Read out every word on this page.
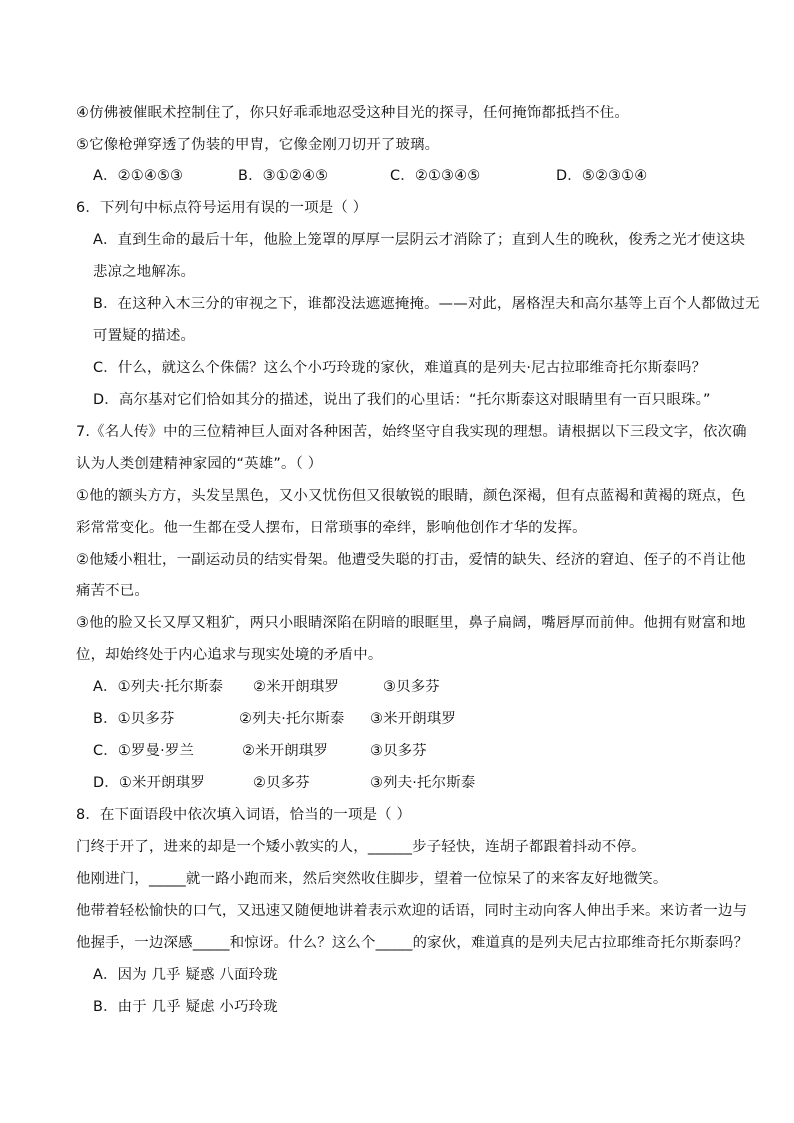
④仿佛被催眠术控制住了，你只好乖乖地忍受这种目光的探寻，任何掩饰都抵挡不住。
⑤它像枪弹穿透了伪装的甲胄，它像金刚刀切开了玻璃。
A．②①④⑤③	B．③①②④⑤	C．②①③④⑤	D．⑤②③①④
6．下列句中标点符号运用有误的一项是（ ）
A．直到生命的最后十年，他脸上笼罩的厚厚一层阴云才消除了；直到人生的晚秋，俊秀之光才使这块
悲凉之地解冻。
B．在这种入木三分的审视之下，谁都没法遮遮掩掩。——对此，屠格涅夫和高尔基等上百个人都做过无
可置疑的描述。
C．什么，就这么个侏儒？这么个小巧玲珑的家伙，难道真的是列夫·尼古拉耶维奇托尔斯泰吗？
D．高尔基对它们恰如其分的描述，说出了我们的心里话：“托尔斯泰这对眼睛里有一百只眼珠。”
7.《名人传》中的三位精神巨人面对各种困苦，始终坚守自我实现的理想。请根据以下三段文字，依次确
认为人类创建精神家园的“英雄”。（ ）
①他的额头方方，头发呈黑色，又小又忧伤但又很敏锐的眼睛，颜色深褐，但有点蓝褐和黄褐的斑点，色
彩常常变化。他一生都在受人摆布，日常琐事的牵绊，影响他创作才华的发挥。
②他矮小粗壮，一副运动员的结实骨架。他遭受失聪的打击，爱情的缺失、经济的窘迫、侄子的不肖让他
痛苦不已。
③他的脸又长又厚又粗犷，两只小眼睛深陷在阴暗的眼眶里，鼻子扁阔，嘴唇厚而前伸。他拥有财富和地
位，却始终处于内心追求与现实处境的矛盾中。
A．①列夫·托尔斯泰 ②米开朗琪罗	③贝多芬
B．①贝多芬	②列夫·托尔斯泰 ③米开朗琪罗
C．①罗曼·罗兰	②米开朗琪罗	③贝多芬
D．①米开朗琪罗	②贝多芬	③列夫·托尔斯泰
8．在下面语段中依次填入词语，恰当的一项是（ ）
门终于开了，进来的却是一个矮小敦实的人，______步子轻快，连胡子都跟着抖动不停。
他刚进门，_____就一路小跑而来，然后突然收住脚步，望着一位惊呆了的来客友好地微笑。
他带着轻松愉快的口气，又迅速又随便地讲着表示欢迎的话语，同时主动向客人伸出手来。来访者一边与
他握手，一边深感_____和惊讶。什么？这么个_____的家伙，难道真的是列夫尼古拉耶维奇托尔斯泰吗？
A．因为 几乎 疑惑 八面玲珑
B．由于 几乎 疑虑 小巧玲珑
